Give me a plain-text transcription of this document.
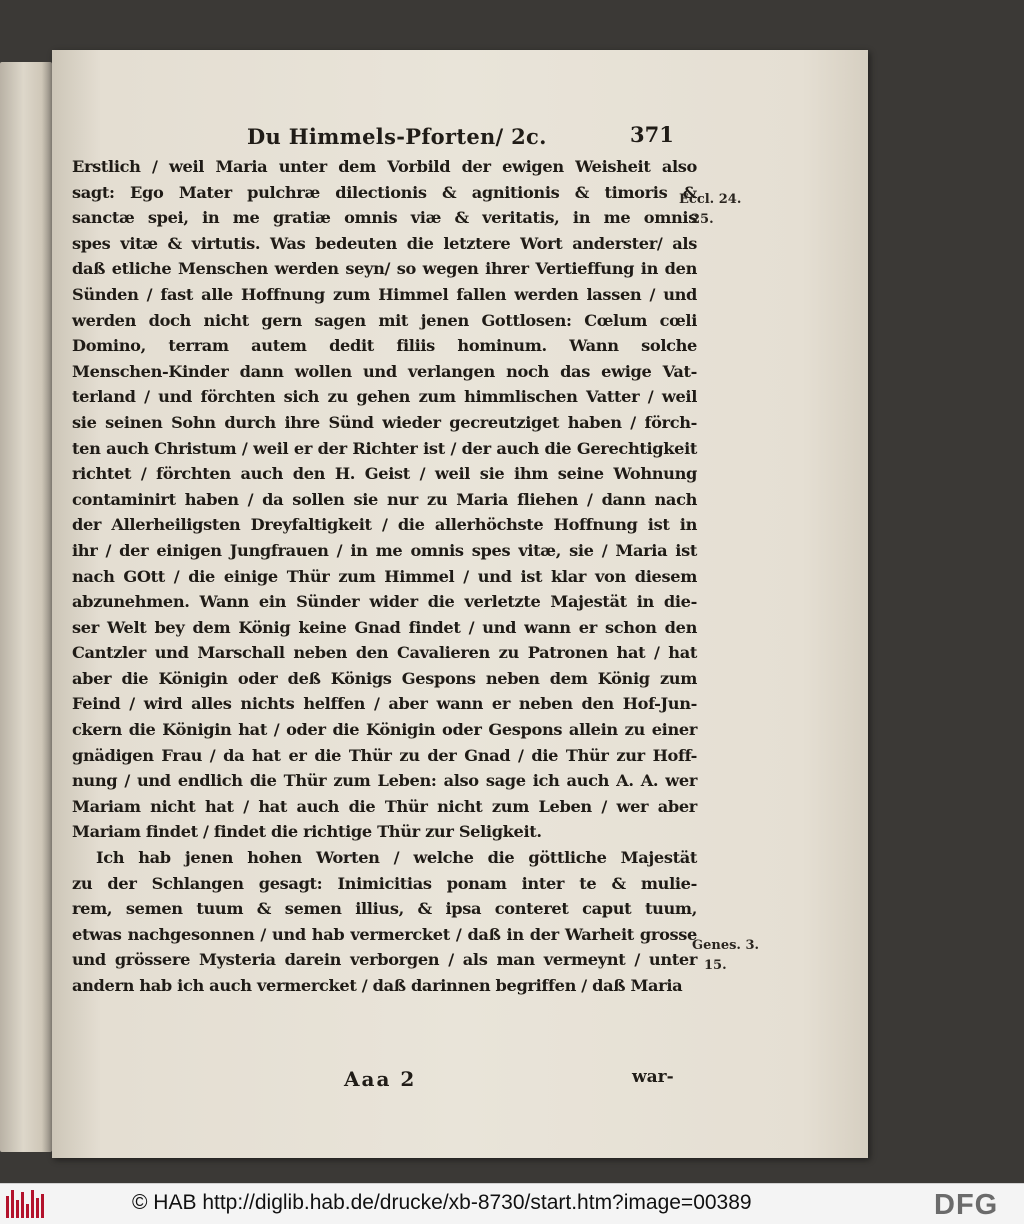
Du Himmels-Pforten/ 2c.	371
Erstlich / weil Maria unter dem Vorbild der ewigen Weisheit also
sagt: Ego Mater pulchræ dilectionis & agnitionis & timoris &
sanctæ spei, in me gratiæ omnis viæ & veritatis, in me omnis
spes vitæ & virtutis. Was bedeuten die letztere Wort anderster/ als
daß etliche Menschen werden seyn/ so wegen ihrer Vertieffung in den
Sünden / fast alle Hoffnung zum Himmel fallen werden lassen / und
werden doch nicht gern sagen mit jenen Gottlosen: Cœlum cœli
Domino, terram autem dedit filiis hominum. Wann solche
Menschen-Kinder dann wollen und verlangen noch das ewige Vat-
terland / und förchten sich zu gehen zum himmlischen Vatter / weil
sie seinen Sohn durch ihre Sünd wieder gecreutziget haben / förch-
ten auch Christum / weil er der Richter ist / der auch die Gerechtigkeit
richtet / förchten auch den H. Geist / weil sie ihm seine Wohnung
contaminirt haben / da sollen sie nur zu Maria fliehen / dann nach
der Allerheiligsten Dreyfaltigkeit / die allerhöchste Hoffnung ist in
ihr / der einigen Jungfrauen / in me omnis spes vitæ, sie / Maria ist
nach GOtt / die einige Thür zum Himmel / und ist klar von diesem
abzunehmen. Wann ein Sünder wider die verletzte Majestät in die-
ser Welt bey dem König keine Gnad findet / und wann er schon den
Cantzler und Marschall neben den Cavalieren zu Patronen hat / hat
aber die Königin oder deß Königs Gespons neben dem König zum
Feind / wird alles nichts helffen / aber wann er neben den Hof-Jun-
ckern die Königin hat / oder die Königin oder Gespons allein zu einer
gnädigen Frau / da hat er die Thür zu der Gnad / die Thür zur Hoff-
nung / und endlich die Thür zum Leben: also sage ich auch A. A. wer
Mariam nicht hat / hat auch die Thür nicht zum Leben / wer aber
Mariam findet / findet die richtige Thür zur Seligkeit.
Ich hab jenen hohen Worten / welche die göttliche Majestät
zu der Schlangen gesagt: Inimicitias ponam inter te & mulie-
rem, semen tuum & semen illius, & ipsa conteret caput tuum,
etwas nachgesonnen / und hab vermercket / daß in der Warheit grosse
und grössere Mysteria darein verborgen / als man vermeynt / unter
andern hab ich auch vermercket / daß darinnen begriffen / daß Maria
Eccl. 24.
25.
Genes. 3.
15.
Aaa 2	war-
© HAB http://diglib.hab.de/drucke/xb-8730/start.htm?image=00389	DFG
